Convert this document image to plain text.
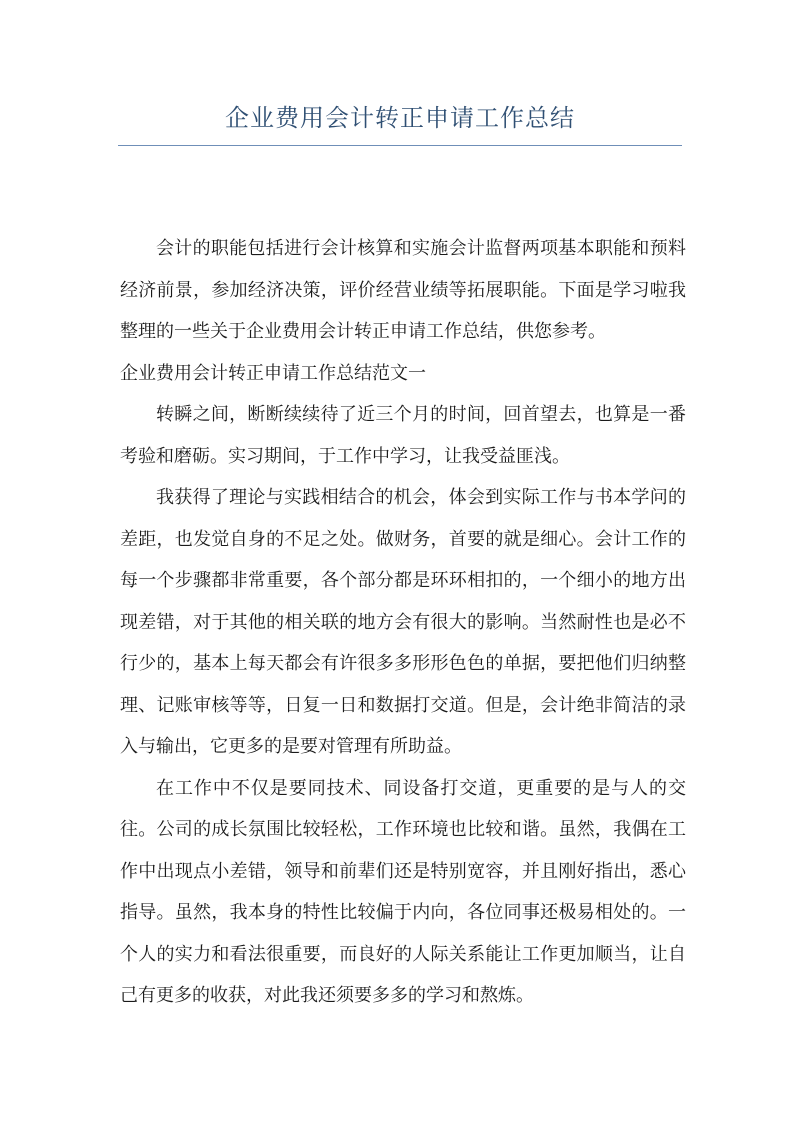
企业费用会计转正申请工作总结

会计的职能包括进行会计核算和实施会计监督两项基本职能和预料经济前景，参加经济决策，评价经营业绩等拓展职能。下面是学习啦我整理的一些关于企业费用会计转正申请工作总结，供您参考。

企业费用会计转正申请工作总结范文一

转瞬之间，断断续续待了近三个月的时间，回首望去，也算是一番考验和磨砺。实习期间，于工作中学习，让我受益匪浅。

我获得了理论与实践相结合的机会，体会到实际工作与书本学问的差距，也发觉自身的不足之处。做财务，首要的就是细心。会计工作的每一个步骤都非常重要，各个部分都是环环相扣的，一个细小的地方出现差错，对于其他的相关联的地方会有很大的影响。当然耐性也是必不行少的，基本上每天都会有许很多多形形色色的单据，要把他们归纳整理、记账审核等等，日复一日和数据打交道。但是，会计绝非简洁的录入与输出，它更多的是要对管理有所助益。

在工作中不仅是要同技术、同设备打交道，更重要的是与人的交往。公司的成长氛围比较轻松，工作环境也比较和谐。虽然，我偶在工作中出现点小差错，领导和前辈们还是特别宽容，并且刚好指出，悉心指导。虽然，我本身的特性比较偏于内向，各位同事还极易相处的。一个人的实力和看法很重要，而良好的人际关系能让工作更加顺当，让自己有更多的收获，对此我还须要多多的学习和熬炼。
